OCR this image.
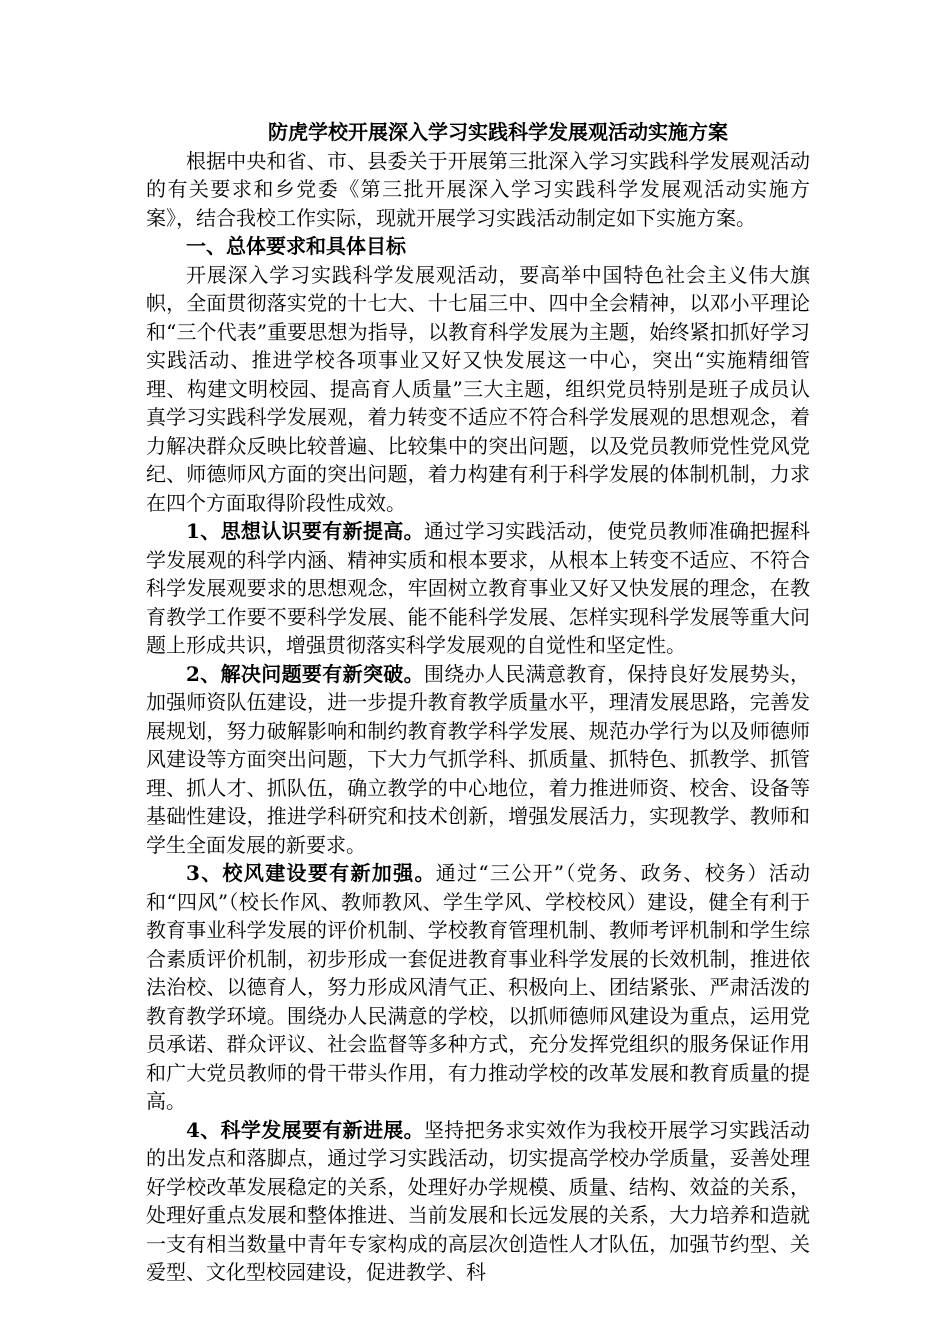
防虎学校开展深入学习实践科学发展观活动实施方案

根据中央和省、市、县委关于开展第三批深入学习实践科学发展观活动的有关要求和乡党委《第三批开展深入学习实践科学发展观活动实施方案》，结合我校工作实际，现就开展学习实践活动制定如下实施方案。

一、总体要求和具体目标

开展深入学习实践科学发展观活动，要高举中国特色社会主义伟大旗帜，全面贯彻落实党的十七大、十七届三中、四中全会精神，以邓小平理论和“三个代表”重要思想为指导，以教育科学发展为主题，始终紧扣抓好学习实践活动、推进学校各项事业又好又快发展这一中心，突出“实施精细管理、构建文明校园、提高育人质量”三大主题，组织党员特别是班子成员认真学习实践科学发展观，着力转变不适应不符合科学发展观的思想观念，着力解决群众反映比较普遍、比较集中的突出问题，以及党员教师党性党风党纪、师德师风方面的突出问题，着力构建有利于科学发展的体制机制，力求在四个方面取得阶段性成效。

1、思想认识要有新提高。通过学习实践活动，使党员教师准确把握科学发展观的科学内涵、精神实质和根本要求，从根本上转变不适应、不符合科学发展观要求的思想观念，牢固树立教育事业又好又快发展的理念，在教育教学工作要不要科学发展、能不能科学发展、怎样实现科学发展等重大问题上形成共识，增强贯彻落实科学发展观的自觉性和坚定性。

2、解决问题要有新突破。围绕办人民满意教育，保持良好发展势头，加强师资队伍建设，进一步提升教育教学质量水平，理清发展思路，完善发展规划，努力破解影响和制约教育教学科学发展、规范办学行为以及师德师风建设等方面突出问题，下大力气抓学科、抓质量、抓特色、抓教学、抓管理、抓人才、抓队伍，确立教学的中心地位，着力推进师资、校舍、设备等基础性建设，推进学科研究和技术创新，增强发展活力，实现教学、教师和学生全面发展的新要求。

3、校风建设要有新加强。通过“三公开”（党务、政务、校务）活动和“四风”（校长作风、教师教风、学生学风、学校校风）建设，健全有利于教育事业科学发展的评价机制、学校教育管理机制、教师考评机制和学生综合素质评价机制，初步形成一套促进教育事业科学发展的长效机制，推进依法治校、以德育人，努力形成风清气正、积极向上、团结紧张、严肃活泼的教育教学环境。围绕办人民满意的学校，以抓师德师风建设为重点，运用党员承诺、群众评议、社会监督等多种方式，充分发挥党组织的服务保证作用和广大党员教师的骨干带头作用，有力推动学校的改革发展和教育质量的提高。

4、科学发展要有新进展。坚持把务求实效作为我校开展学习实践活动的出发点和落脚点，通过学习实践活动，切实提高学校办学质量，妥善处理好学校改革发展稳定的关系，处理好办学规模、质量、结构、效益的关系，处理好重点发展和整体推进、当前发展和长远发展的关系，大力培养和造就一支有相当数量中青年专家构成的高层次创造性人才队伍，加强节约型、关爱型、文化型校园建设，促进教学、科
